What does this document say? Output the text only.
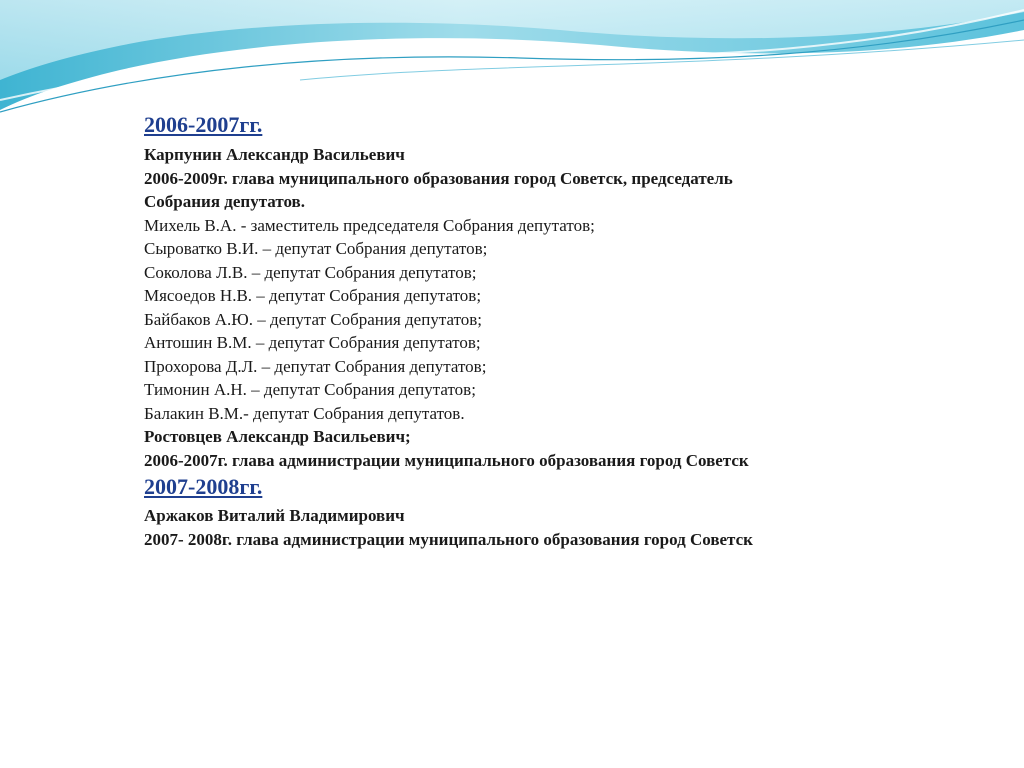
2006-2007гг.
Карпунин Александр Васильевич
2006-2009г. глава муниципального образования город Советск, председатель
Собрания депутатов.
Михель В.А. - заместитель председателя Собрания депутатов;
Сыроватко В.И. – депутат Собрания депутатов;
Соколова Л.В. – депутат Собрания депутатов;
Мясоедов Н.В. – депутат Собрания депутатов;
Байбаков А.Ю. – депутат Собрания депутатов;
Антошин В.М. – депутат Собрания депутатов;
Прохорова Д.Л. – депутат Собрания депутатов;
Тимонин А.Н. – депутат Собрания депутатов;
Балакин В.М.- депутат Собрания депутатов.
Ростовцев Александр Васильевич;
2006-2007г. глава администрации муниципального образования город Советск
2007-2008гг.
Аржаков Виталий Владимирович
2007- 2008г. глава администрации муниципального образования город Советск
